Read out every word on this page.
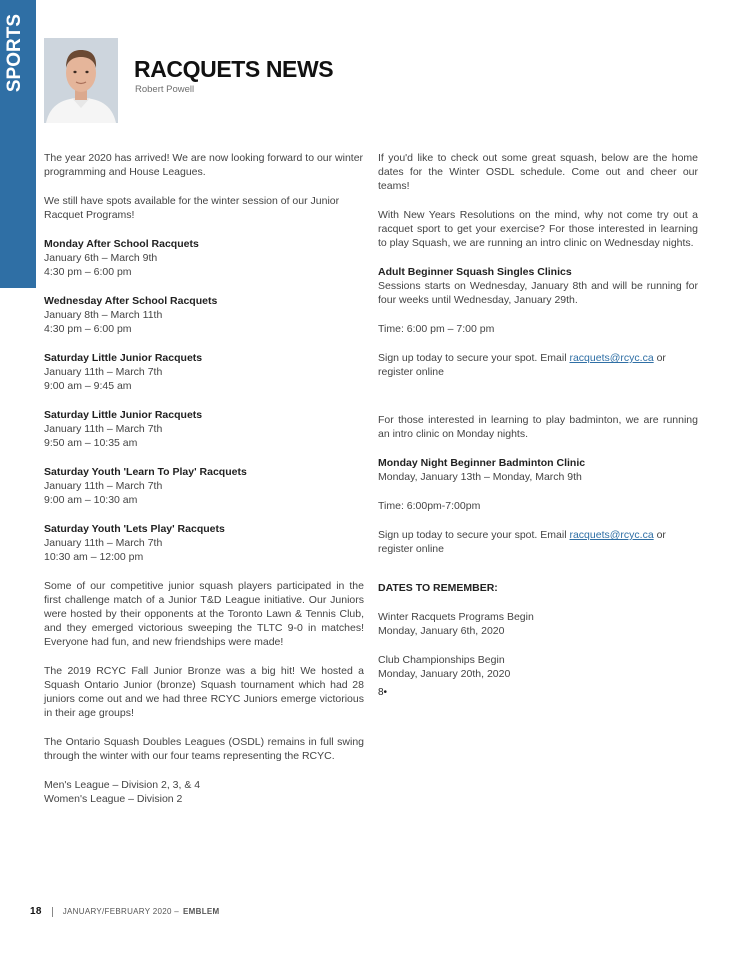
SPORTS	RACQUETS NEWS
Robert Powell

The year 2020 has arrived! We are now looking forward to our winter programming and House Leagues.

We still have spots available for the winter session of our Junior Racquet Programs!

Monday After School Racquets
January 6th – March 9th
4:30 pm – 6:00 pm
Wednesday After School Racquets
January 8th – March 11th
4:30 pm – 6:00 pm
Saturday Little Junior Racquets
January 11th – March 7th
9:00 am – 9:45 am
Saturday Little Junior Racquets
January 11th – March 7th
9:50 am – 10:35 am
Saturday Youth 'Learn To Play' Racquets
January 11th – March 7th
9:00 am – 10:30 am
Saturday Youth 'Lets Play' Racquets
January 11th – March 7th
10:30 am – 12:00 pm

Some of our competitive junior squash players participated in the first challenge match of a Junior T&D League initiative. Our Juniors were hosted by their opponents at the Toronto Lawn & Tennis Club, and they emerged victorious sweeping the TLTC 9-0 in matches! Everyone had fun, and new friendships were made!

The 2019 RCYC Fall Junior Bronze was a big hit! We hosted a Squash Ontario Junior (bronze) Squash tournament which had 28 juniors come out and we had three RCYC Juniors emerge victorious in their age groups!

The Ontario Squash Doubles Leagues (OSDL) remains in full swing through the winter with our four teams representing the RCYC.

Men's League – Division 2, 3, & 4
Women's League – Division 2

If you'd like to check out some great squash, below are the home dates for the Winter OSDL schedule. Come out and cheer our teams!

With New Years Resolutions on the mind, why not come try out a racquet sport to get your exercise? For those interested in learning to play Squash, we are running an intro clinic on Wednesday nights.

Adult Beginner Squash Singles Clinics
Sessions starts on Wednesday, January 8th and will be running for four weeks until Wednesday, January 29th.

Time: 6:00 pm – 7:00 pm

Sign up today to secure your spot. Email racquets@rcyc.ca or register online

For those interested in learning to play badminton, we are running an intro clinic on Monday nights.

Monday Night Beginner Badminton Clinic
Monday, January 13th – Monday, March 9th

Time: 6:00pm-7:00pm

Sign up today to secure your spot. Email racquets@rcyc.ca or register online

DATES TO REMEMBER:
Winter Racquets Programs Begin
Monday, January 6th, 2020
Club Championships Begin
Monday, January 20th, 2020
8•
18	JANUARY/FEBRUARY 2020 – EMBLEM
